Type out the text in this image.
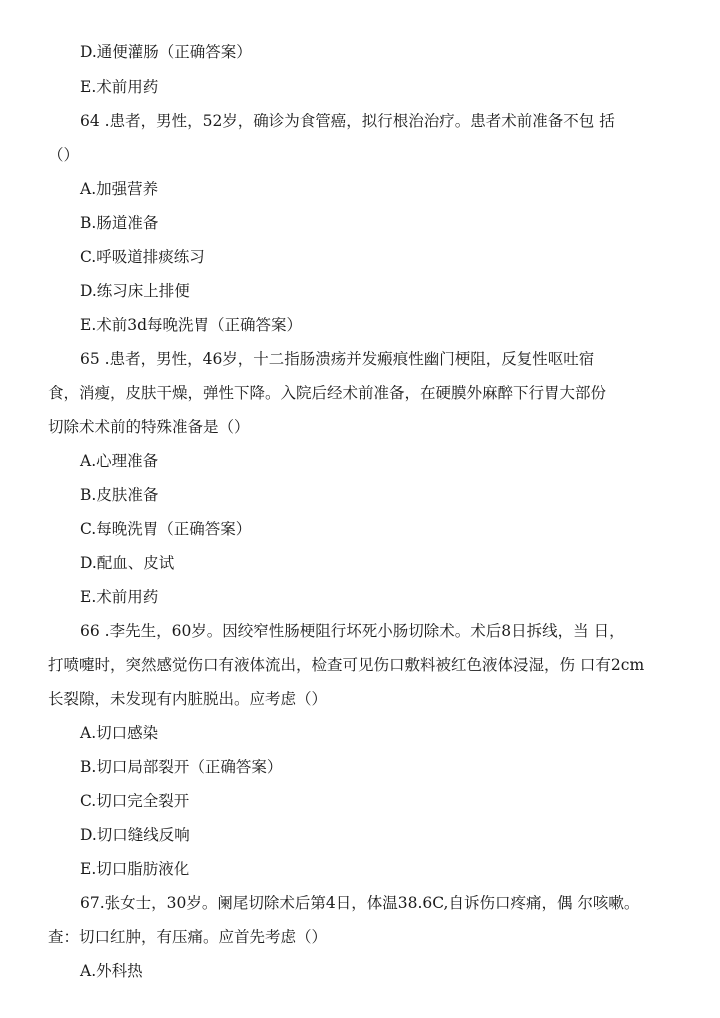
D.通便灌肠（正确答案）
E.术前用药
64 .患者，男性，52岁，确诊为食管癌，拟行根治治疗。患者术前准备不包 括
（）
A.加强营养
B.肠道准备
C.呼吸道排痰练习
D.练习床上排便
E.术前3d每晚洗胃（正确答案）
65 .患者，男性，46岁，十二指肠溃疡并发瘢痕性幽门梗阻，反复性呕吐宿
食，消瘦，皮肤干燥，弹性下降。入院后经术前准备，在硬膜外麻醉下行胃大部份
切除术术前的特殊准备是（）
A.心理准备
B.皮肤准备
C.每晚洗胃（正确答案）
D.配血、皮试
E.术前用药
66 .李先生，60岁。因绞窄性肠梗阻行坏死小肠切除术。术后8日拆线，当 日，
打喷嚏时，突然感觉伤口有液体流出，检查可见伤口敷料被红色液体浸湿，伤 口有2cm
长裂隙，未发现有内脏脱出。应考虑（）
A.切口感染
B.切口局部裂开（正确答案）
C.切口完全裂开
D.切口缝线反响
E.切口脂肪液化
67.张女士，30岁。阑尾切除术后第4日，体温38.6C,自诉伤口疼痛，偶 尔咳嗽。
查：切口红肿，有压痛。应首先考虑（）
A.外科热
